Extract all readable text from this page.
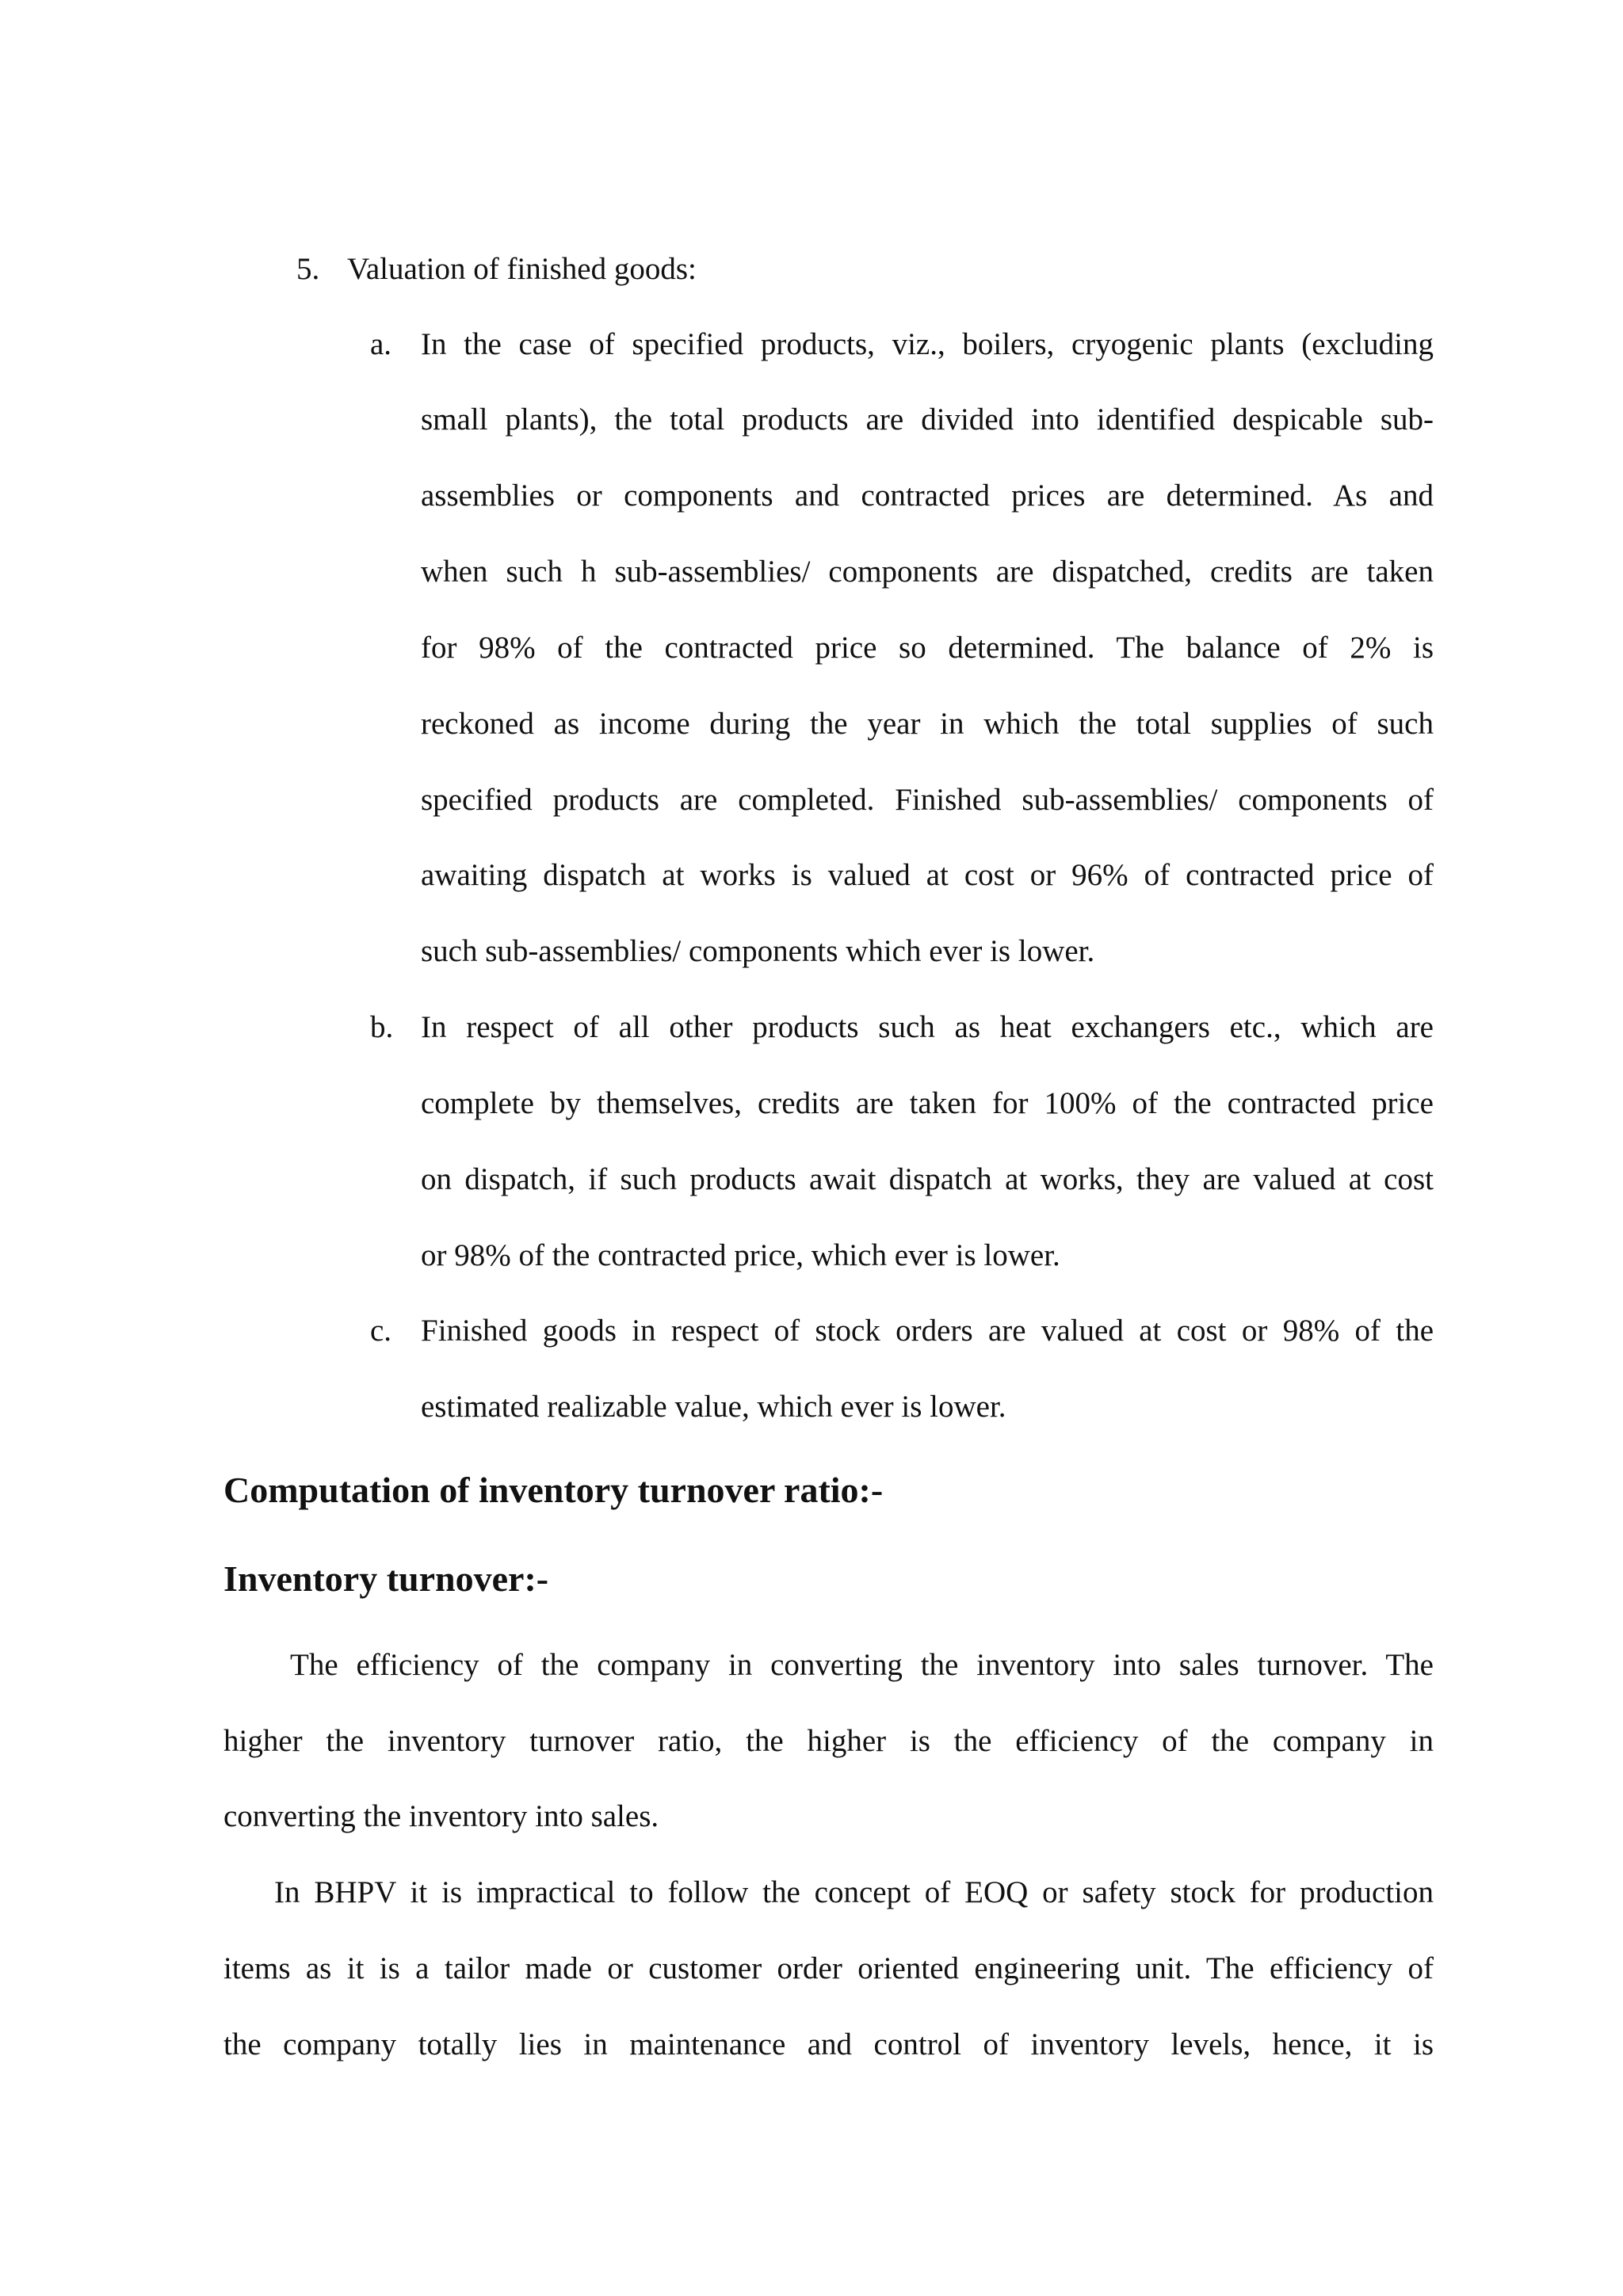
5. Valuation of finished goods:
a. In the case of specified products, viz., boilers, cryogenic plants (excluding
small plants), the total products are divided into identified despicable sub-
assemblies or components and contracted prices are determined. As and
when such h sub-assemblies/ components are dispatched, credits are taken
for 98% of the contracted price so determined. The balance of 2% is
reckoned as income during the year in which the total supplies of such
specified products are completed. Finished sub-assemblies/ components of
awaiting dispatch at works is valued at cost or 96% of contracted price of
such sub-assemblies/ components which ever is lower.
b. In respect of all other products such as heat exchangers etc., which are
complete by themselves, credits are taken for 100% of the contracted price
on dispatch, if such products await dispatch at works, they are valued at cost
or 98% of the contracted price, which ever is lower.
c. Finished goods in respect of stock orders are valued at cost or 98% of the
estimated realizable value, which ever is lower.
Computation of inventory turnover ratio:-
Inventory turnover:-
The efficiency of the company in converting the inventory into sales turnover. The
higher the inventory turnover ratio, the higher is the efficiency of the company in
converting the inventory into sales.
In BHPV it is impractical to follow the concept of EOQ or safety stock for production
items as it is a tailor made or customer order oriented engineering unit. The efficiency of
the company totally lies in maintenance and control of inventory levels, hence, it is
